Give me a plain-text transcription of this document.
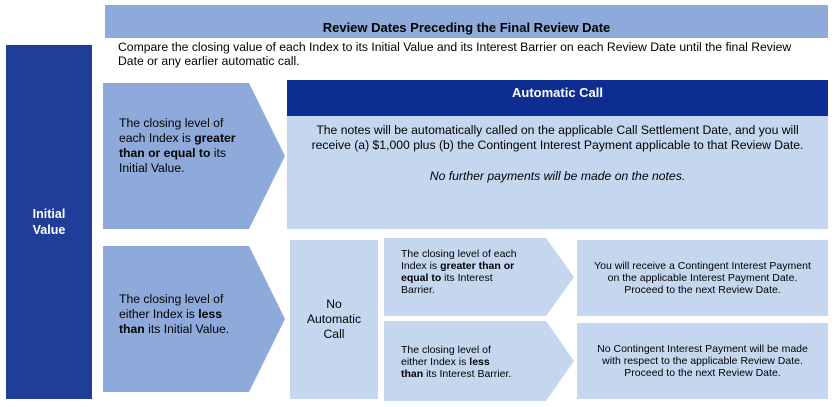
Review Dates Preceding the Final Review Date
Compare the closing value of each Index to its Initial Value and its Interest Barrier on each Review Date until the final Review Date or any earlier automatic call.
Initial
Value
The closing level of each Index is greater than or equal to its Initial Value.
The closing level of either Index is less than its Initial Value.
Automatic Call
The notes will be automatically called on the applicable Call Settlement Date, and you will receive (a) $1,000 plus (b) the Contingent Interest Payment applicable to that Review Date.
No further payments will be made on the notes.
No
Automatic
Call
The closing level of each Index is greater than or equal to its Interest Barrier.
The closing level of either Index is less than its Interest Barrier.
You will receive a Contingent Interest Payment on the applicable Interest Payment Date.
Proceed to the next Review Date.
No Contingent Interest Payment will be made with respect to the applicable Review Date.
Proceed to the next Review Date.
